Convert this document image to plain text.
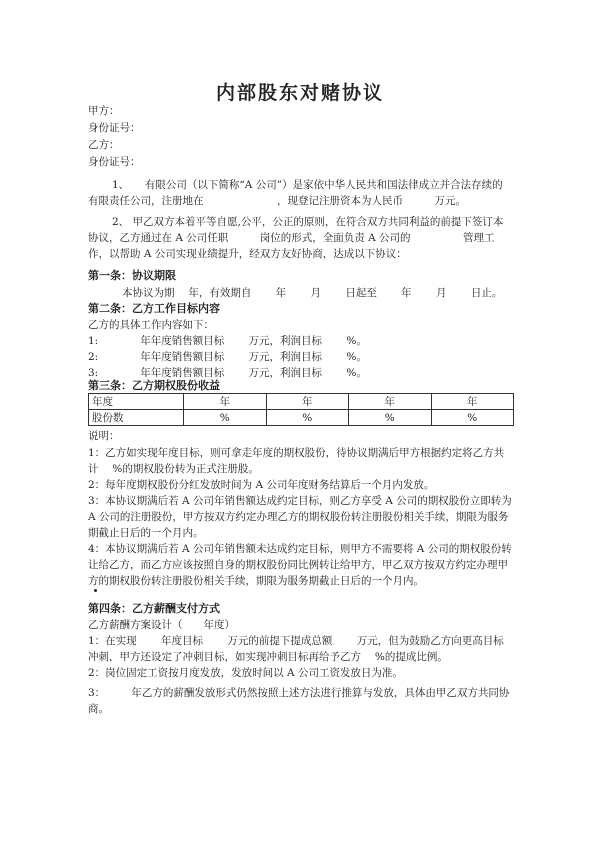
内部股东对赌协议
甲方：
身份证号：
乙方：
身份证号：
1、　　有限公司（以下简称“A 公司”）是家依中华人民共和国法律成立并合法存续的
有限责任公司，注册地在　　　　　　　，现登记注册资本为人民币　　　万元。
2、 甲乙双方本着平等自愿,公平，公正的原则，在符合双方共同利益的前提下签订本
协议，乙方通过在 A 公司任职　　　岗位的形式，全面负责 A 公司的　　　　　管理工
作，以帮助 A 公司实现业绩提升，经双方友好协商，达成以下协议：
第一条：协议期限
本协议为期　 年，有效期自　　 年　　 月　　 日起至　　 年　　 月　　 日止。
第二条：乙方工作目标内容
乙方的具体工作内容如下：
1:　　　　年年度销售额目标　　 万元，利润目标　　 %。
2:　　　　年年度销售额目标　　 万元，利润目标　　 %。
3:　　　　年年度销售额目标　　 万元，利润目标　　 %。
第三条：乙方期权股份收益
年度	年	年	年	年
股份数	%	%	%	%
说明：
1：乙方如实现年度目标，则可拿走年度的期权股份，待协议期满后甲方根据约定将乙方共
计　 %的期权股份转为正式注册股。
2：每年度期权股份分红发放时间为 A 公司年度财务结算后一个月内发放。
3：本协议期满后若 A 公司年销售额达成约定目标，则乙方享受 A 公司的期权股份立即转为
A 公司的注册股份，甲方按双方约定办理乙方的期权股份转注册股份相关手续，期限为服务
期截止日后的一个月内。
4：本协议期满后若 A 公司年销售额未达成约定目标，则甲方不需要将 A 公司的期权股份转
让给乙方，而乙方应该按照自身的期权股份同比例转让给甲方，甲乙双方按双方约定办理甲
方的期权股份转注册股份相关手续，期限为服务期截止日后的一个月内。
第四条：乙方薪酬支付方式
乙方薪酬方案设计（　　年度）
1：在实现　　 年度目标　　 万元的前提下提成总额　　 万元，但为鼓励乙方向更高目标
冲刺，甲方还设定了冲刺目标，如实现冲刺目标再给予乙方　 %的提成比例。
2：岗位固定工资按月度发放，发放时间以 A 公司工资发放日为准。
3：　　　年乙方的薪酬发放形式仍然按照上述方法进行推算与发放，具体由甲乙双方共同协
商。
